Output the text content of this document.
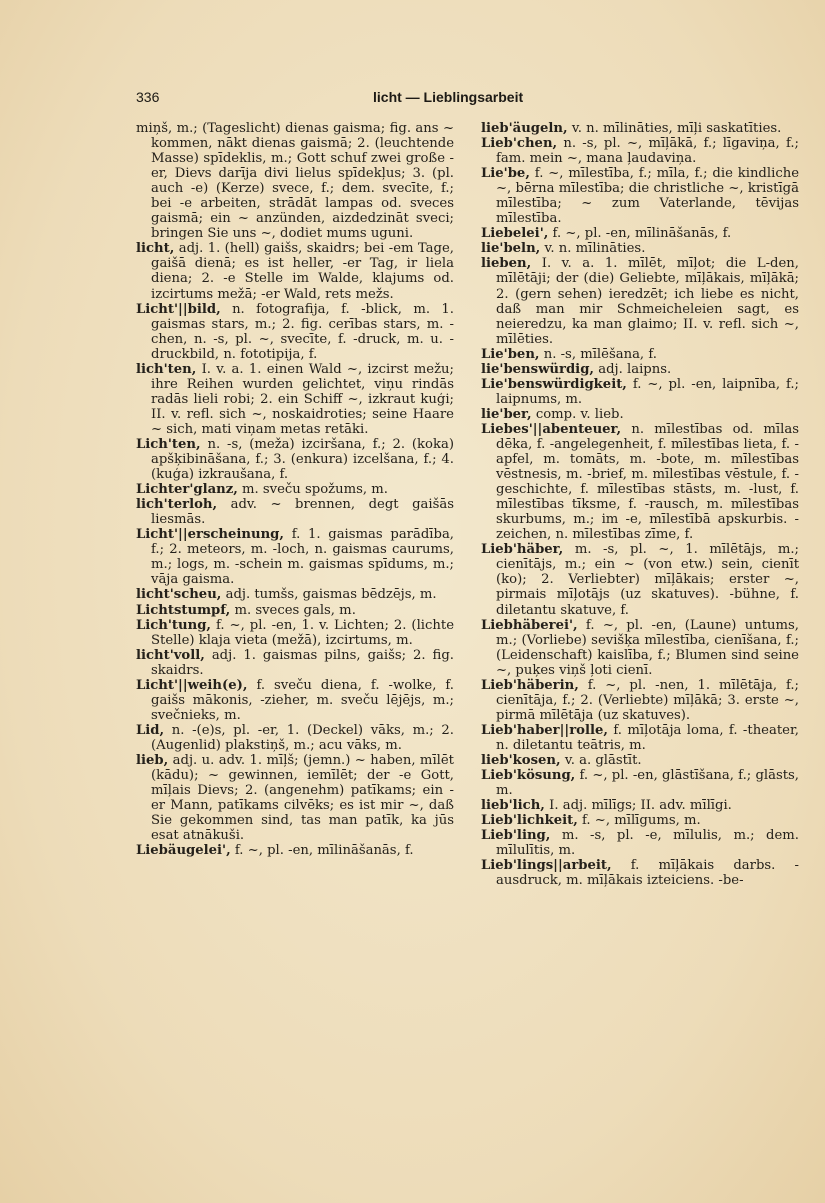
336	licht — Lieblingsarbeit

miņš, m.; (Tageslicht) dienas gaisma; fig. ans ~ kommen, nākt dienas gaismā; 2. (leuchtende Masse) spīdeklis, m.; Gott schuf zwei große -er, Dievs darīja divi lielus spīdekļus; 3. (pl. auch -e) (Kerze) svece, f.; dem. svecīte, f.; bei -e arbeiten, strādāt lampas od. sveces gaismā; ein ~ anzünden, aizdedzināt sveci; bringen Sie uns ~, dodiet mums uguni.

licht, adj. 1. (hell) gaišs, skaidrs; bei -em Tage, gaišā dienā; es ist heller, -er Tag, ir liela diena; 2. -e Stelle im Walde, klajums od. izcirtums mežā; -er Wald, rets mežs.

Licht'||bild, n. fotografija, f. -blick, m. 1. gaismas stars, m.; 2. fig. cerības stars, m. -chen, n. -s, pl. ~, svecīte, f. -druck, m. u. -druckbild, n. fototipija, f.

lich'ten, I. v. a. 1. einen Wald ~, izcirst mežu; ihre Reihen wurden gelichtet, viņu rindās radās lieli robi; 2. ein Schiff ~, izkraut kuģi; II. v. refl. sich ~, noskaidroties; seine Haare ~ sich, mati viņam metas retāki.

Lich'ten, n. -s, (meža) izciršana, f.; 2. (koka) apšķibināšana, f.; 3. (enkura) izcelšana, f.; 4. (kuģa) izkraušana, f.

Lichter'glanz, m. sveču spožums, m.

lich'terloh, adv. ~ brennen, degt gaišās liesmās.

Licht'||erscheinung, f. 1. gaismas parādība, f.; 2. meteors, m. -loch, n. gaismas caurums, m.; logs, m. -schein m. gaismas spīdums, m.; vāja gaisma.

licht'scheu, adj. tumšs, gaismas bēdzējs, m.

Lichtstumpf, m. sveces gals, m.

Lich'tung, f. ~, pl. -en, 1. v. Lichten; 2. (lichte Stelle) klaja vieta (mežā), izcirtums, m.

licht'voll, adj. 1. gaismas pilns, gaišs; 2. fig. skaidrs.

Licht'||weih(e), f. sveču diena, f. -wolke, f. gaišs mākonis, -zieher, m. sveču lējējs, m.; svečnieks, m.

Lid, n. -(e)s, pl. -er, 1. (Deckel) vāks, m.; 2. (Augenlid) plakstiņš, m.; acu vāks, m.

lieb, adj. u. adv. 1. mīļš; (jemn.) ~ haben, mīlēt (kādu); ~ gewinnen, iemīlēt; der -e Gott, mīļais Dievs; 2. (angenehm) patīkams; ein -er Mann, patīkams cilvēks; es ist mir ~, daß Sie gekommen sind, tas man patīk, ka jūs esat atnākuši.

Liebäugelei', f. ~, pl. -en, mīlināšanās, f.

lieb'äugeln, v. n. mīlināties, mīļi saskatīties.

Lieb'chen, n. -s, pl. ~, mīļākā, f.; līgaviņa, f.; fam. mein ~, mana ļaudaviņa.

Lie'be, f. ~, mīlestība, f.; mīla, f.; die kindliche ~, bērna mīlestība; die christliche ~, kristīgā mīlestība; ~ zum Vaterlande, tēvijas mīlestība.

Liebelei', f. ~, pl. -en, mīlināšanās, f.

lie'beln, v. n. mīlināties.

lieben, I. v. a. 1. mīlēt, mīļot; die L-den, mīlētāji; der (die) Geliebte, mīļākais, mīļākā; 2. (gern sehen) ieredzēt; ich liebe es nicht, daß man mir Schmeicheleien sagt, es neieredzu, ka man glaimo; II. v. refl. sich ~, mīlēties.

Lie'ben, n. -s, mīlēšana, f.

lie'benswürdig, adj. laipns.

Lie'benswürdigkeit, f. ~, pl. -en, laipnība, f.; laipnums, m.

lie'ber, comp. v. lieb.

Liebes'||abenteuer, n. mīlestības od. mīlas dēka, f. -angelegenheit, f. mīlestības lieta, f. -apfel, m. tomāts, m. -bote, m. mīlestības vēstnesis, m. -brief, m. mīlestības vēstule, f. -geschichte, f. mīlestības stāsts, m. -lust, f. mīlestības tīksme, f. -rausch, m. mīlestības skurbums, m.; im -e, mīlestībā apskurbis. -zeichen, n. mīlestības zīme, f.

Lieb'häber, m. -s, pl. ~, 1. mīlētājs, m.; cienītājs, m.; ein ~ (von etw.) sein, cienīt (ko); 2. Verliebter) mīļākais; erster ~, pirmais mīļotājs (uz skatuves). -bühne, f. diletantu skatuve, f.

Liebhäberei', f. ~, pl. -en, (Laune) untums, m.; (Vorliebe) sevišķa mīlestība, cienīšana, f.; (Leidenschaft) kaislība, f.; Blumen sind seine ~, puķes viņš ļoti cienī.

Lieb'häberin, f. ~, pl. -nen, 1. mīlētāja, f.; cienītāja, f.; 2. (Verliebte) mīļākā; 3. erste ~, pirmā mīlētāja (uz skatuves).

Lieb'haber||rolle, f. mīļotāja loma, f. -theater, n. diletantu teātris, m.

lieb'kosen, v. a. glāstīt.

Lieb'kösung, f. ~, pl. -en, glāstīšana, f.; glāsts, m.

lieb'lich, I. adj. mīlīgs; II. adv. mīlīgi.

Lieb'lichkeit, f. ~, mīlīgums, m.

Lieb'ling, m. -s, pl. -e, mīlulis, m.; dem. mīlulītis, m.

Lieb'lings||arbeit, f. mīļākais darbs. -ausdruck, m. mīļākais izteiciens. -be-
